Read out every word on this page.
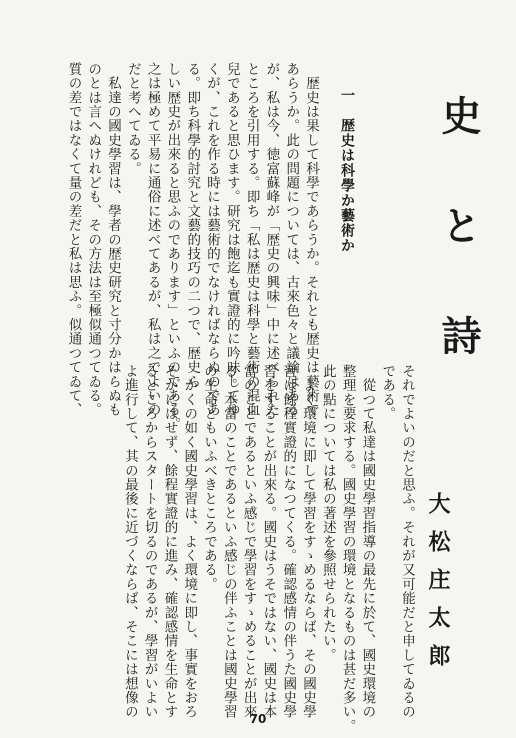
史と詩
大松庄太郎
一　歴史は科學か藝術か
　歴史は果して科學であらうか。それとも歴史は藝術で
あらうか。此の問題については、古來色々と議論はある
が、私は今、徳富蘇峰が「歴史の興味」中に述べられた
ところを引用する。即ち「私は歴史は科學と藝術の混血
兒であると思ひます。研究は飽迄も實證的に吟味してゆ
くが、これを作る時には藝術的でなければならぬのであ
る。即ち科學的討究と文藝的技巧の二つで、歴史ら
しい歴史が出來ると思ふのであります」といふのである。
之は極めて平易に通俗に述べてあるが、私は之でよいの
だと考へてゐる。
　私達の國史學習は、學者の歴史研究と寸分かはらぬも
のとは言へぬけれども、その方法は至極似通つてゐる。
質の差ではなくて量の差だと私は思ふ。似通つてゐて、
それでよいのだと思ふ。それが又可能だと申してゐるの
である。
　從つて私達は國史學習指導の最先に於て、國史環境の
整理を要求する。國史學習の環境となるものは甚だ多い。
此の點については私の著述を參照せられたい。
　よく環境に即して學習をすゝめるならば、その國史學
習は餘程實證的になつてくる。確認感情の伴うた國史學
習をすることが出來る。國史はうそではない、國史は本
當のことであるといふ感じで學習をすゝめることが出來
る。本當のことであるといふ感じの伴ふことは國史學習
の生命ともいふべきところである。
　かくの如く國史學習は、よく環境に即し、事實をおろ
そかにはせず、餘程實證的に進み、確認感情を生命とす
るところからスタートを切るのであるが、學習がいよい
よ進行して、其の最後に近づくならば、そこには想像の	70
